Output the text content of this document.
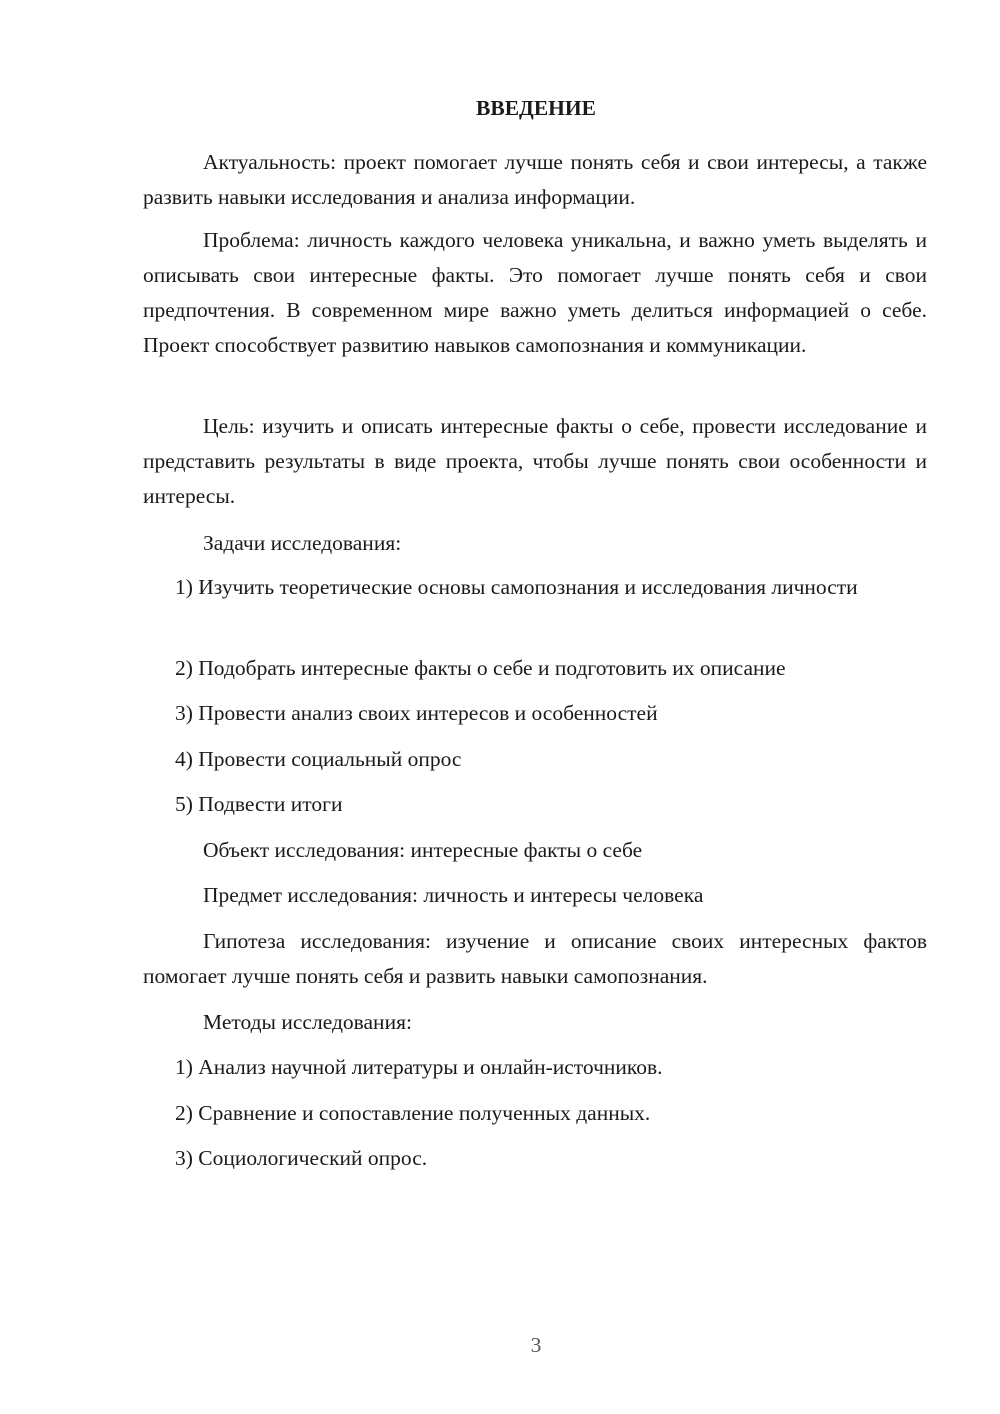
ВВЕДЕНИЕ

Актуальность: проект помогает лучше понять себя и свои интересы, а также развить навыки исследования и анализа информации.

Проблема: личность каждого человека уникальна, и важно уметь выделять и описывать свои интересные факты. Это помогает лучше понять себя и свои предпочтения. В современном мире важно уметь делиться информацией о себе. Проект способствует развитию навыков самопознания и коммуникации.

Цель: изучить и описать интересные факты о себе, провести исследование и представить результаты в виде проекта, чтобы лучше понять свои особенности и интересы.

Задачи исследования:

1) Изучить теоретические основы самопознания и исследования личности

2) Подобрать интересные факты о себе и подготовить их описание

3) Провести анализ своих интересов и особенностей

4) Провести социальный опрос

5) Подвести итоги

Объект исследования: интересные факты о себе

Предмет исследования: личность и интересы человека

Гипотеза исследования: изучение и описание своих интересных фактов помогает лучше понять себя и развить навыки самопознания.

Методы исследования:

1) Анализ научной литературы и онлайн-источников.

2) Сравнение и сопоставление полученных данных.

3) Социологический опрос.

3
